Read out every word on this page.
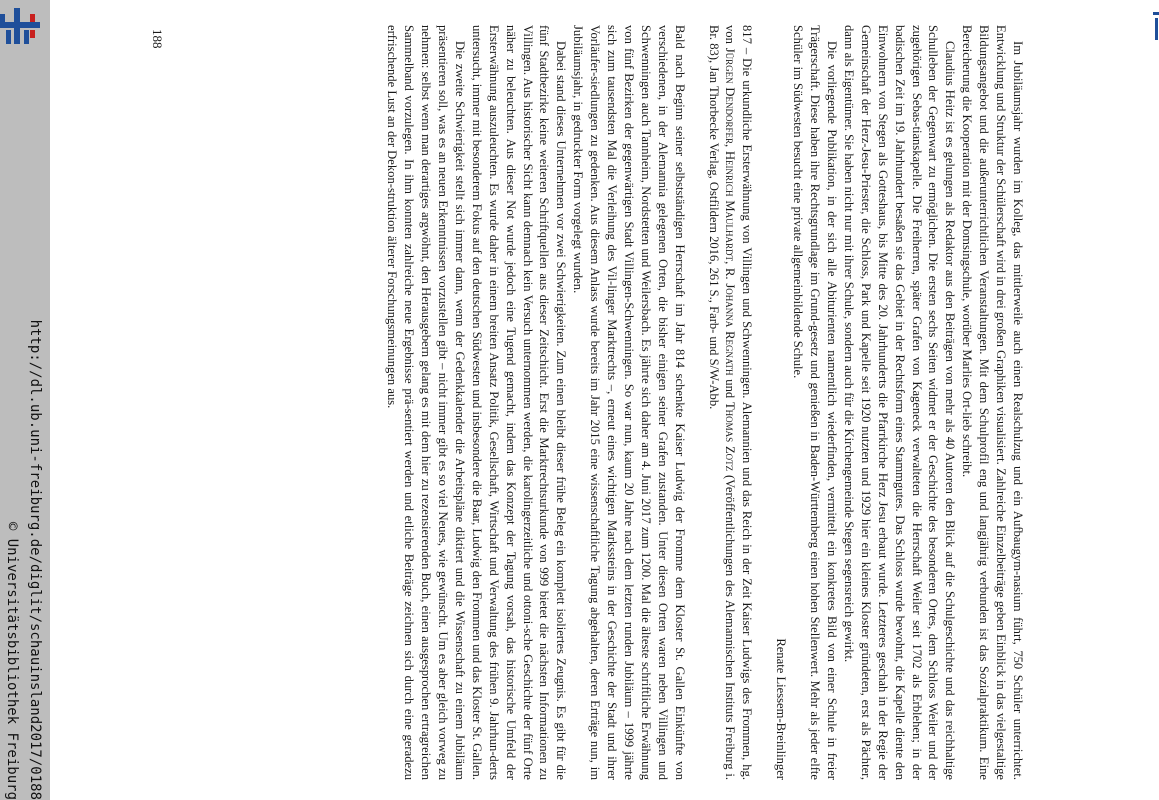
http://dl.ub.uni-freiburg.de/diglit/schauinsland2017/0188
© Universitätsbibliothek Freiburg	Im Jubiläumsjahr wurden im Kolleg, das mittlerweile auch einen Realschulzug und ein Aufbaugym-nasium führt, 750 Schüler unterrichtet. Entwicklung und Struktur der Schülerschaft wird in drei großen Graphiken visualisiert. Zahlreiche Einzelbeiträge geben Einblick in das vielgestaltige Bildungsangebot und die außerunterrichtlichen Veranstaltungen. Mit dem Schulprofil eng und langjährig verbunden ist das Sozialpraktikum. Eine Bereicherung die Kooperation mit der Domsingschule, worüber Marlies Ort-lieb schreibt.

Claudius Heitz ist es gelungen als Redaktor aus den Beiträgen von mehr als 40 Autoren den Blick auf die Schulgeschichte und das reichhaltige Schulleben der Gegenwart zu ermöglichen. Die ersten sechs Seiten widmet er der Geschichte des besonderen Ortes, dem Schloss Weiler und der zugehörigen Sebas-tianskapelle. Die Freiherren, später Grafen von Kageneck verwalteten die Herrschaft Weiler seit 1702 als Erblehen; in der badischen Zeit im 19. Jahrhundert besaßen sie das Gebiet in der Rechtsform eines Stammgutes. Das Schloss wurde bewohnt, die Kapelle diente den Einwohnern von Stegen als Gotteshaus, bis Mitte des 20. Jahrhunderts die Pfarrkirche Herz Jesu erbaut wurde. Letzteres geschah in der Regie der Gemeinschaft der Herz-Jesu-Priester, die Schloss, Park und Kapelle seit 1920 nutzten und 1929 hier ein kleines Kloster gründeten, erst als Pächter, dann als Eigentümer. Sie haben nicht nur mit ihrer Schule, sondern auch für die Kirchengemeinde Stegen segensreich gewirkt.

Die vorliegende Publikation, in der sich alle Abiturienten namentlich wiederfinden, vermittelt ein konkretes Bild von einer Schule in freier Trägerschaft. Diese haben ihre Rechtsgrundlage im Grund-gesetz und genießen in Baden-Württemberg einen hohen Stellenwert. Mehr als jeder elfte Schüler im Südwesten besucht eine private allgemeinbildende Schule.

Renate Liessem-Breinlinger

817 – Die urkundliche Ersterwähnung von Villingen und Schwenningen. Alemannien und das Reich in der Zeit Kaiser Ludwigs des Frommen, hg. von Jürgen Dendorfer, Heinrich Maulhardt, R. Johanna Regnath und Thomas Zotz (Veröffentlichungen des Alemannischen Instituts Freiburg i. Br. 83), Jan Thorbecke Verlag, Ostfildern 2016, 261 S., Farb- und S/W-Abb.

Bald nach Beginn seiner selbstständigen Herrschaft im Jahr 814 schenkte Kaiser Ludwig der Fromme dem Kloster St. Gallen Einkünfte von verschiedenen, in der Alemannia gelegenen Orten, die bisher einigen seiner Grafen zustanden. Unter diesen Orten waren neben Villingen und Schwenningen auch Tannheim, Nordstetten und Weilersbach. Es jährte sich daher am 4. Juni 2017 zum 1200. Mal die älteste schriftliche Erwähnung von fünf Bezirken der gegenwärtigen Stadt Villingen-Schwenningen. So war nun, kaum 20 Jahre nach dem letzten runden Jubiläum – 1999 jährte sich zum tausendsten Mal die Verleihung des Vil-linger Marktrechts –, erneut eines wichtigen Markssteins in der Geschichte der Stadt und ihrer Vorläufer-siedlungen zu gedenken. Aus diesem Anlass wurde bereits im Jahr 2015 eine wissenschaftliche Tagung abgehalten, deren Erträge nun, im Jubiläumsjahr, in gedruckter Form vorgelegt wurden.

Dabei stand dieses Unternehmen vor zwei Schwierigkeiten. Zum einen bleibt dieser frühe Beleg ein komplett isoliertes Zeugnis. Es gibt für die fünf Stadtbezirke keine weiteren Schriftquellen aus dieser Zeitschicht. Erst die Marktrechtsurkunde von 999 bietet die nächsten Informationen zu Villingen. Aus historischer Sicht kann demnach kein Versuch unternommen werden, die karolingerzeitliche und ottoni-sche Geschichte der fünf Orte näher zu beleuchten. Aus dieser Not wurde jedoch eine Tugend gemacht, indem das Konzept der Tagung vorsah, das historische Umfeld der Ersterwähnung auszuleuchten. Es wurde daher in einem breiten Ansatz Politik, Gesellschaft, Wirtschaft und Verwaltung des frühen 9. Jahrhun-derts untersucht, immer mit besonderem Fokus auf den deutschen Südwesten und insbesondere die Baar, Ludwig den Frommen und das Kloster St. Gallen.

Die zweite Schwierigkeit stellt sich immer dann, wenn der Gedenkkalender die Arbeitspläne diktiert und die Wissenschaft zu einem Jubiläum präsentieren soll, was es an neuen Erkenntnissen vorzustellen gibt – nicht immer gibt es so viel Neues, wie gewünscht. Um es aber gleich vorweg zu nehmen: selbst wenn man derartiges argwöhnt, den Herausgebern gelang es mit dem hier zu rezensierenden Buch, einen ausgesprochen ertragreichen Sammelband vorzulegen. In ihm konnten zahlreiche neue Ergebnisse prä-sentiert werden und etliche Beiträge zeichnen sich durch eine geradezu erfrischende Lust an der Dekon-struktion älterer Forschungsmeinungen aus.

188
